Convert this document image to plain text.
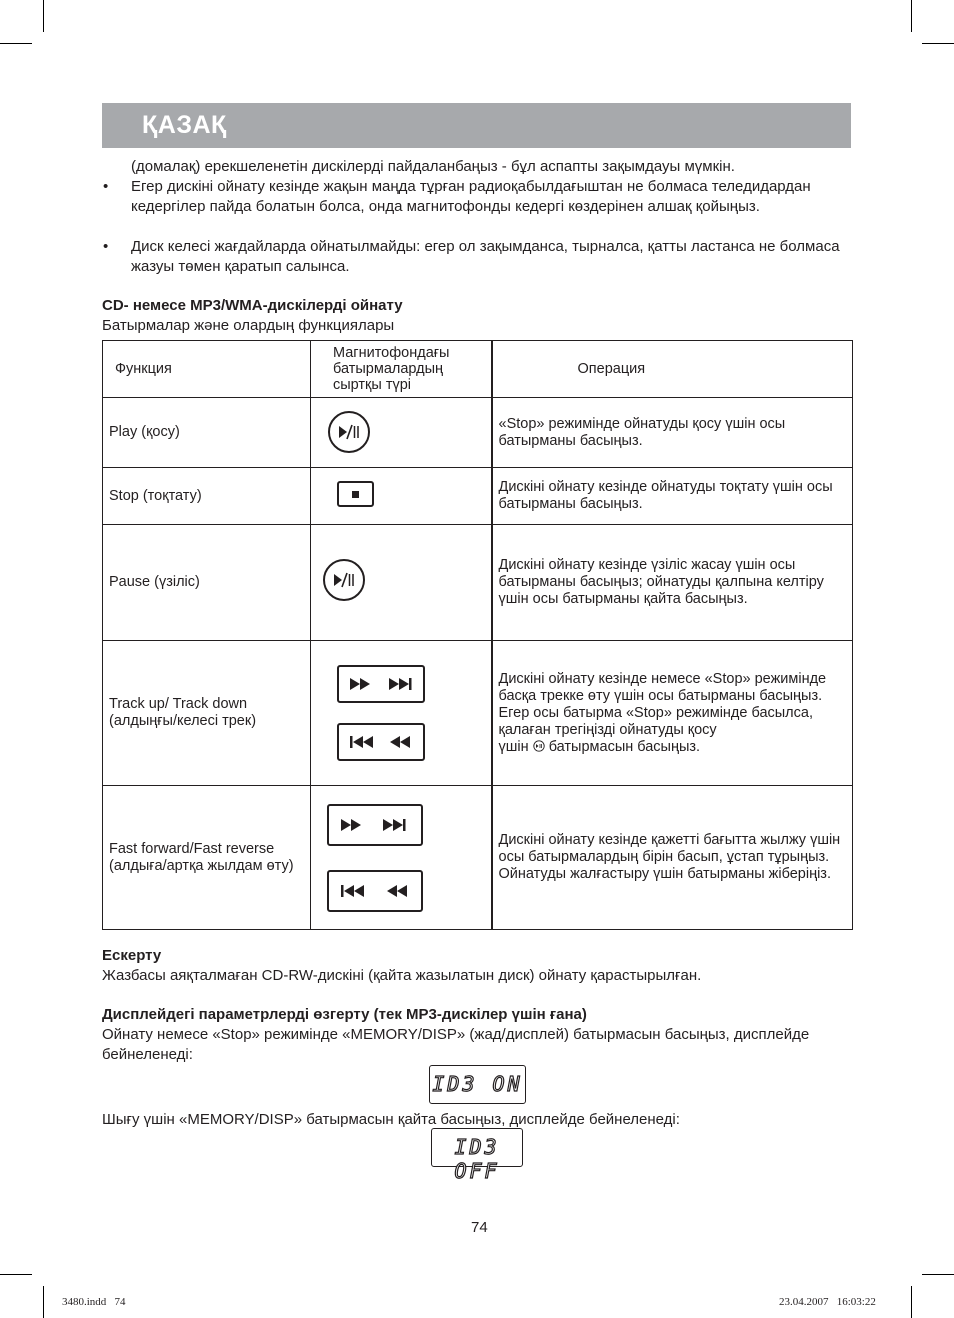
ҚАЗАҚ
(домалақ) ерекшеленетін дискілерді пайдаланбаңыз - бұл аспапты зақымдауы мүмкін.
• Егер дискіні ойнату кезінде жақын маңда тұрған радиоқабылдағыштан не болмаса теледидардан кедергілер пайда болатын болса, онда магнитофонды кедергі көздерінен алшақ қойыңыз.
• Диск келесі жағдайларда ойнатылмайды: егер ол зақымданса, тырналса, қатты ластанса не болмаса жазуы төмен қаратып салынса.
CD- немесе MP3/WMA-дискілерді ойнату
Батырмалар және олардың функциялары
Функция	Магнитофондағы батырмалардың сыртқы түрі	Операция
Play (қосу)		«Stop» режимінде ойнатуды қосу үшін осы батырманы басыңыз.
Stop (тоқтату)		Дискіні ойнату кезінде ойнатуды тоқтату үшін осы батырманы басыңыз.
Pause (үзіліс)		Дискіні ойнату кезінде үзіліс жасау үшін осы батырманы басыңыз; ойнатуды қалпына келтіру үшін осы батырманы қайта басыңыз.
Track up/ Track down (алдыңғы/келесі трек)		Дискіні ойнату кезінде немесе «Stop» режимінде басқа трекке өту үшін осы батырманы басыңыз.
Егер осы батырма «Stop» режимінде басылса, қалаған трегіңізді ойнатуды қосу
үшін батырмасын басыңыз.

Fast forward/Fast reverse (алдыға/артқа жылдам өту)		Дискіні ойнату кезінде қажетті бағытта жылжу үшін осы батырмалардың бірін басып, ұстап тұрыңыз. Ойнатуды жалғастыру үшін батырманы жіберіңіз.
Ескерту
Жазбасы аяқталмаған CD-RW-дискіні (қайта жазылатын диск) ойнату қарастырылған.
Дисплейдегі параметрлерді өзгерту (тек MP3-дискілер үшін ғана)
Ойнату немесе «Stop» режимінде «MEMORY/DISP» (жад/дисплей) батырмасын басыңыз, дисплейде бейнеленеді:
ID3 ON
Шығу үшін «MEMORY/DISP» батырмасын қайта басыңыз, дисплейде бейнеленеді:
ID3 OFF
74
3480.indd   74	23.04.2007   16:03:22
